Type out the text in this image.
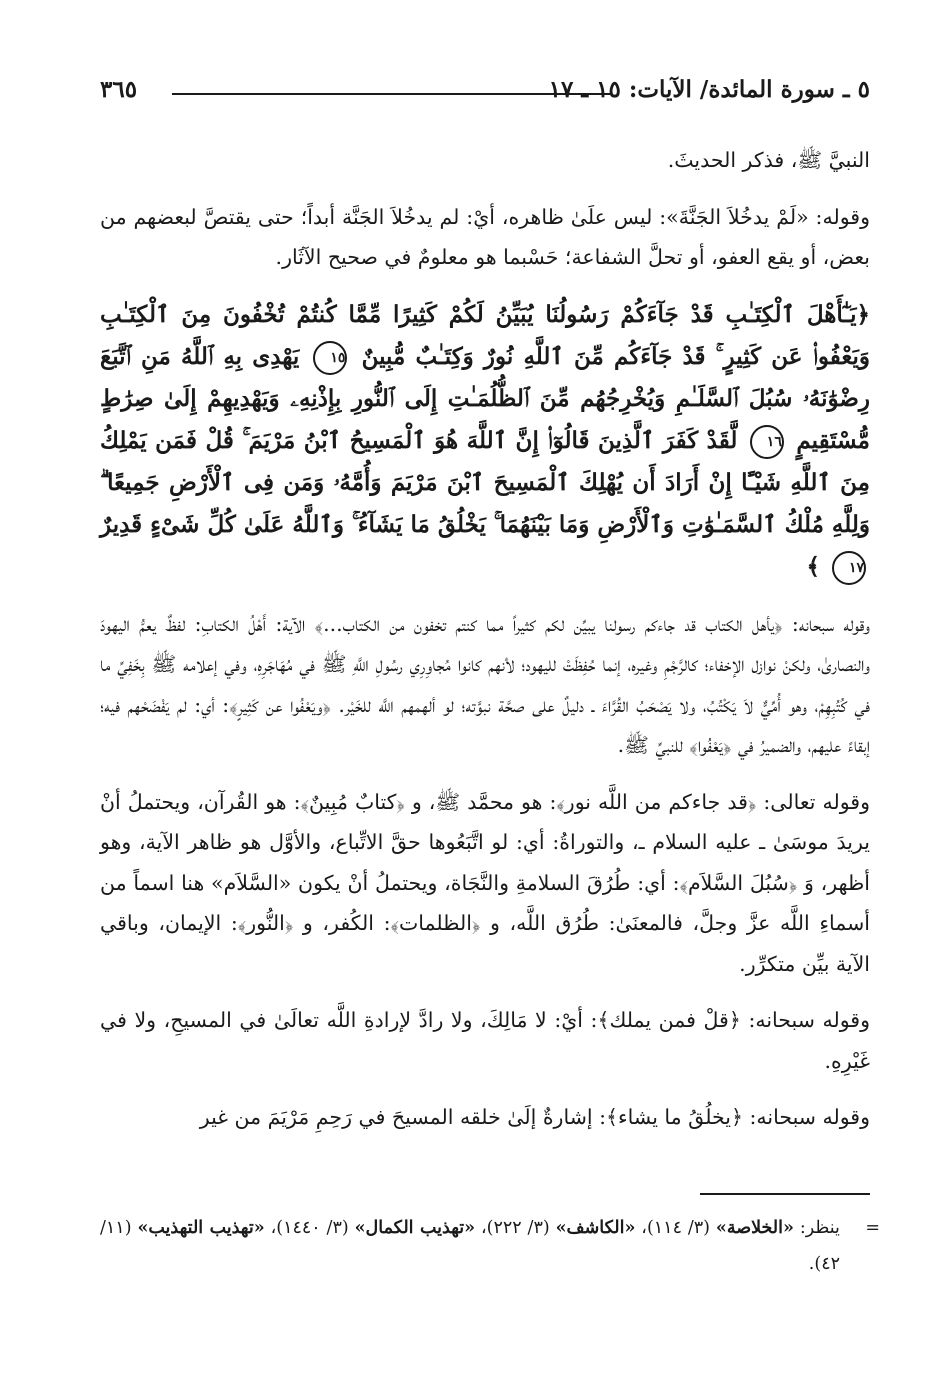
٥ ـ سورة المائدة/ الآيات: ١٥ ـ ١٧
٣٦٥

النبيَّ ﷺ، فذكر الحديثَ.

وقوله: «لَمْ يدخُلاَ الجَنَّةَ»: ليس علَىٰ ظاهره، أيْ: لم يدخُلاَ الجَنَّة أبداً؛ حتى يقتصَّ لبعضهم من بعض، أو يقع العفو، أو تحلَّ الشفاعة؛ حَسْبما هو معلومٌ في صحيح الآثَار.

﴿يَـٰٓأَهْلَ ٱلْكِتَـٰبِ قَدْ جَآءَكُمْ رَسُولُنَا يُبَيِّنُ لَكُمْ كَثِيرًا مِّمَّا كُنتُمْ تُخْفُونَ مِنَ ٱلْكِتَـٰبِ وَيَعْفُوا۟ عَن كَثِيرٍ ۚ قَدْ جَآءَكُم مِّنَ ٱللَّهِ نُورٌ وَكِتَـٰبٌ مُّبِينٌ ١٥ يَهْدِى بِهِ ٱللَّهُ مَنِ ٱتَّبَعَ رِضْوَٰنَهُۥ سُبُلَ ٱلسَّلَـٰمِ وَيُخْرِجُهُم مِّنَ ٱلظُّلُمَـٰتِ إِلَى ٱلنُّورِ بِإِذْنِهِۦ وَيَهْدِيهِمْ إِلَىٰ صِرَٰطٍ مُّسْتَقِيمٍ ١٦ لَّقَدْ كَفَرَ ٱلَّذِينَ قَالُوٓا۟ إِنَّ ٱللَّهَ هُوَ ٱلْمَسِيحُ ٱبْنُ مَرْيَمَ ۚ قُلْ فَمَن يَمْلِكُ مِنَ ٱللَّهِ شَيْـًٔا إِنْ أَرَادَ أَن يُهْلِكَ ٱلْمَسِيحَ ٱبْنَ مَرْيَمَ وَأُمَّهُۥ وَمَن فِى ٱلْأَرْضِ جَمِيعًا ۗ وَلِلَّهِ مُلْكُ ٱلسَّمَـٰوَٰتِ وَٱلْأَرْضِ وَمَا بَيْنَهُمَا ۚ يَخْلُقُ مَا يَشَآءُ ۚ وَٱللَّهُ عَلَىٰ كُلِّ شَىْءٍ قَدِيرٌ ١٧ ﴾

وقوله سبحانه: ﴿يأهل الكتاب قد جاءكم رسولنا يبيِّن لكم كثيراً مما كنتم تخفون من الكتاب...﴾ الآية: أَهْلُ الكتابِ: لفظٌ يعمُّ اليهودَ والنصارىٰ، ولكنْ نوازل الإخفاء؛ كالرَّجْمِ وغيره، إنما حُفِظَتْ لليهود؛ لأنهم كانوا مُجاوِرِي رسُولِ اللَّهِ ﷺ في مُهَاجَرِهِ، وفي إعلامه ﷺ بِخَفِيِّ ما في كُتُبِهِمْ، وهو أُمِّيٌّ لاَ يَكْتُبُ، ولا يَصْحَبُ القُرَّاءَ ـ دليلٌ على صحَّة نبوَّته؛ لو ألهمهم اللَّه للخَيْر. ﴿ويَعْفُوا عن كَثِيرٍ﴾: أي: لم يَفْضَحْهم فيه؛ إبقاءً عليهم، والضميرُ في ﴿يَعْفُوا﴾ للنبيِّ ﷺ.

وقوله تعالى: ﴿قد جاءكم من اللَّه نور﴾: هو محمَّد ﷺ، و ﴿كتابٌ مُبِينٌ﴾: هو القُرآن، ويحتملُ أنْ يريدَ موسَىٰ ـ عليه السلام ـ، والتوراةُ: أي: لو اتَّبَعُوها حقَّ الاتِّباع، والأوَّل هو ظاهر الآية، وهو أظهر، وَ ﴿سُبُلَ السَّلاَم﴾: أي: طُرُقَ السلامةِ والنَّجَاة، ويحتملُ أنْ يكون «السَّلاَم» هنا اسماً من أسماءِ اللَّه عزَّ وجلَّ، فالمعنَىٰ: طُرُق اللَّه، و ﴿الظلمات﴾: الكُفر، و ﴿النُّور﴾: الإيمان، وباقي الآية بيِّن متكرِّر.

وقوله سبحانه: ﴿قلْ فمن يملك﴾: أيْ: لا مَالِكَ، ولا رادَّ لإرادةِ اللَّه تعالَىٰ في المسيحِ، ولا في غَيْرِهِ.

وقوله سبحانه: ﴿يخلُقُ ما يشاء﴾: إشارةٌ إلَىٰ خلقه المسيحَ في رَحِمِ مَرْيَمَ من غير

=
ينظر: «الخلاصة» (٣/ ١١٤)، «الكاشف» (٣/ ٢٢٢)، «تهذيب الكمال» (٣/ ١٤٤٠)، «تهذيب التهذيب» (١١/ ٤٢).
